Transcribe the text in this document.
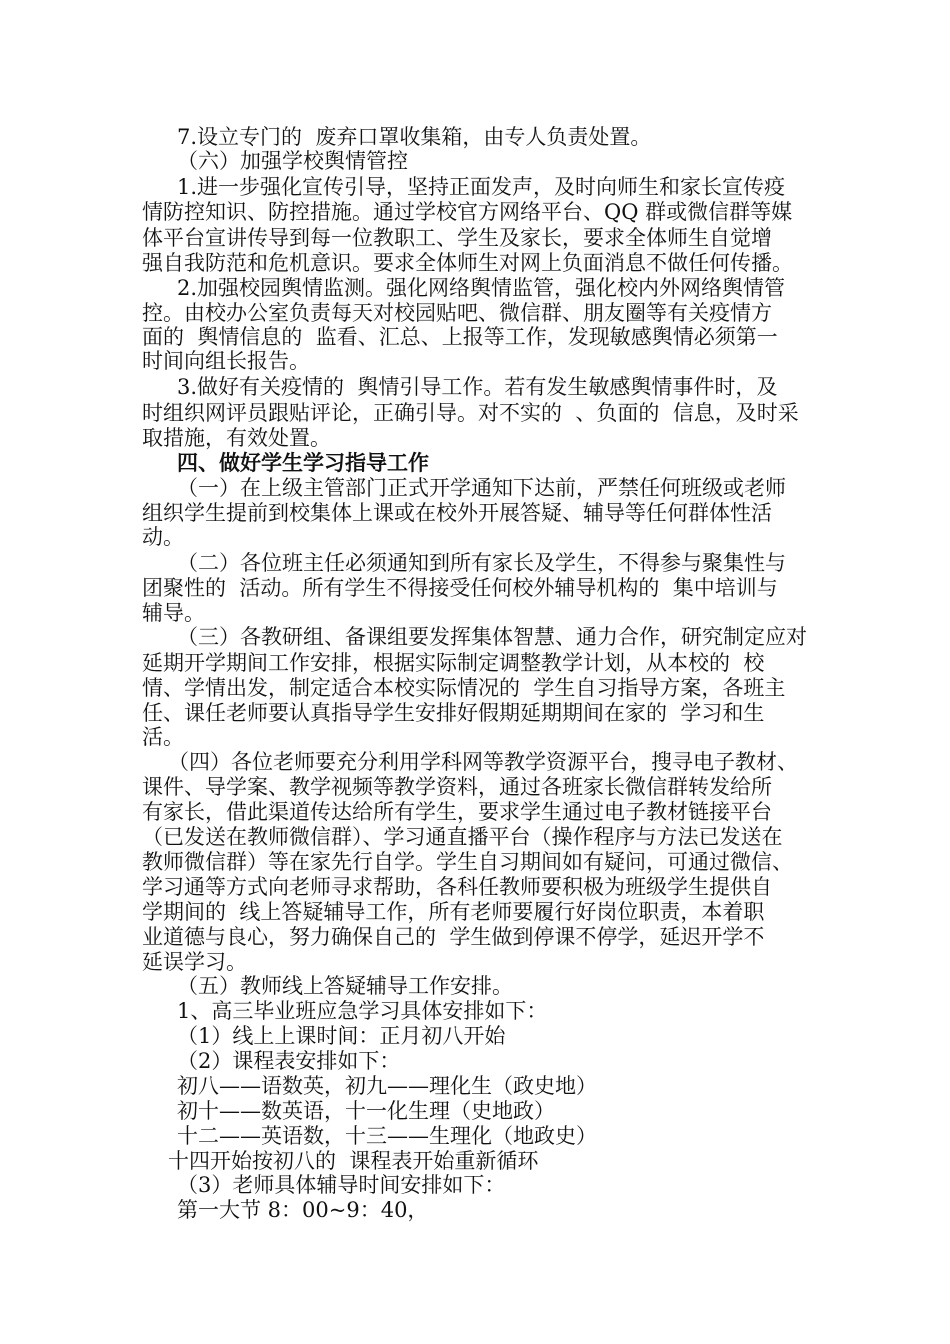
7.设立专门的  废弃口罩收集箱，由专人负责处置。
（六）加强学校舆情管控
1.进一步强化宣传引导，坚持正面发声，及时向师生和家长宣传疫
情防控知识、防控措施。通过学校官方网络平台、QQ 群或微信群等媒
体平台宣讲传导到每一位教职工、学生及家长，要求全体师生自觉增
强自我防范和危机意识。要求全体师生对网上负面消息不做任何传播。
2.加强校园舆情监测。强化网络舆情监管，强化校内外网络舆情管
控。由校办公室负责每天对校园贴吧、微信群、朋友圈等有关疫情方
面的  舆情信息的  监看、汇总、上报等工作，发现敏感舆情必须第一
时间向组长报告。
3.做好有关疫情的  舆情引导工作。若有发生敏感舆情事件时，及
时组织网评员跟贴评论，正确引导。对不实的  、负面的  信息，及时采
取措施，有效处置。
四、做好学生学习指导工作
（一）在上级主管部门正式开学通知下达前，严禁任何班级或老师
组织学生提前到校集体上课或在校外开展答疑、辅导等任何群体性活
动。
（二）各位班主任必须通知到所有家长及学生，不得参与聚集性与
团聚性的  活动。所有学生不得接受任何校外辅导机构的  集中培训与
辅导。
（三）各教研组、备课组要发挥集体智慧、通力合作，研究制定应对
延期开学期间工作安排，根据实际制定调整教学计划，从本校的  校
情、学情出发，制定适合本校实际情况的  学生自习指导方案，各班主
任、课任老师要认真指导学生安排好假期延期期间在家的  学习和生
活。
（四）各位老师要充分利用学科网等教学资源平台，搜寻电子教材、
课件、导学案、教学视频等教学资料，通过各班家长微信群转发给所
有家长，借此渠道传达给所有学生，要求学生通过电子教材链接平台
（已发送在教师微信群）、学习通直播平台（操作程序与方法已发送在
教师微信群）等在家先行自学。学生自习期间如有疑问，可通过微信、
学习通等方式向老师寻求帮助，各科任教师要积极为班级学生提供自
学期间的  线上答疑辅导工作，所有老师要履行好岗位职责，本着职
业道德与良心，努力确保自己的  学生做到停课不停学，延迟开学不
延误学习。
（五）教师线上答疑辅导工作安排。
1、高三毕业班应急学习具体安排如下：
（1）线上上课时间：正月初八开始
（2）课程表安排如下：
初八——语数英，初九——理化生（政史地）
初十——数英语，十一化生理（史地政）
十二——英语数，十三——生理化（地政史）
十四开始按初八的  课程表开始重新循环
（3）老师具体辅导时间安排如下：
第一大节 8：00~9：40，
